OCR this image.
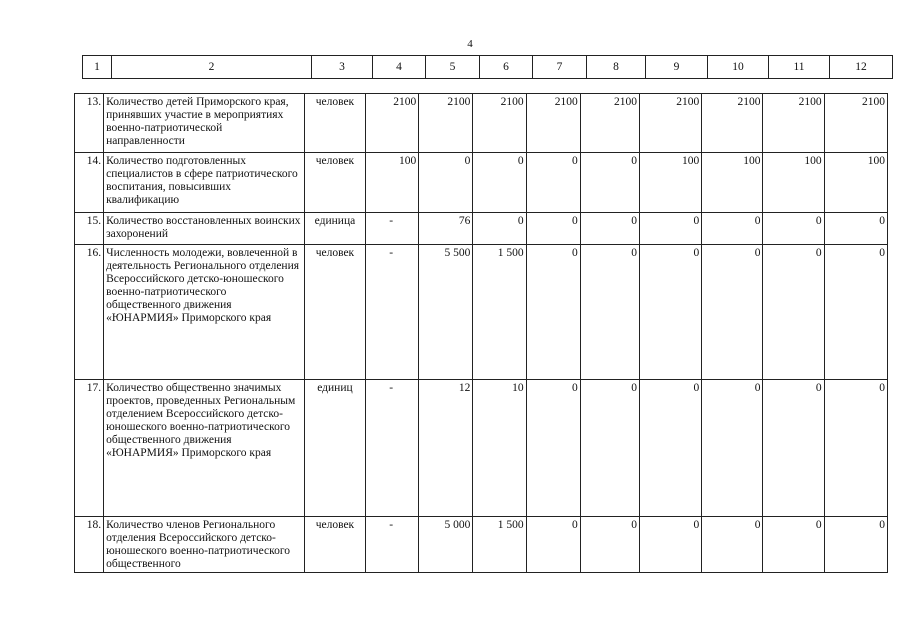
4
1	2	3	4	5	6	7	8	9	10	11	12
13.	Количество детей Приморского края, принявших участие в мероприятиях военно-патриотической направленности	человек	2100	2100	2100	2100	2100	2100	2100	2100	2100

14.	Количество подготовленных специалистов в сфере патриотического воспитания, повысивших квалификацию	человек	100	0	0	0	0	100	100	100	100

15.	Количество восстановленных воинских захоронений	единица	-	76	0	0	0	0	0	0	0

16.	Численность молодежи, вовлеченной в деятельность Регионального отделения Всероссийского детско-юношеского военно-патриотического общественного движения «ЮНАРМИЯ» Приморского края	человек	-	5 500	1 500	0	0	0	0	0	0

17.	Количество общественно значимых проектов, проведенных Региональным отделением Всероссийского детско-юношеского военно-патриотического общественного движения «ЮНАРМИЯ» Приморского края	единиц	-	12	10	0	0	0	0	0	0

18.	Количество членов Регионального отделения Всероссийского детско-юношеского военно-патриотического общественного	человек	-	5 000	1 500	0	0	0	0	0	0
